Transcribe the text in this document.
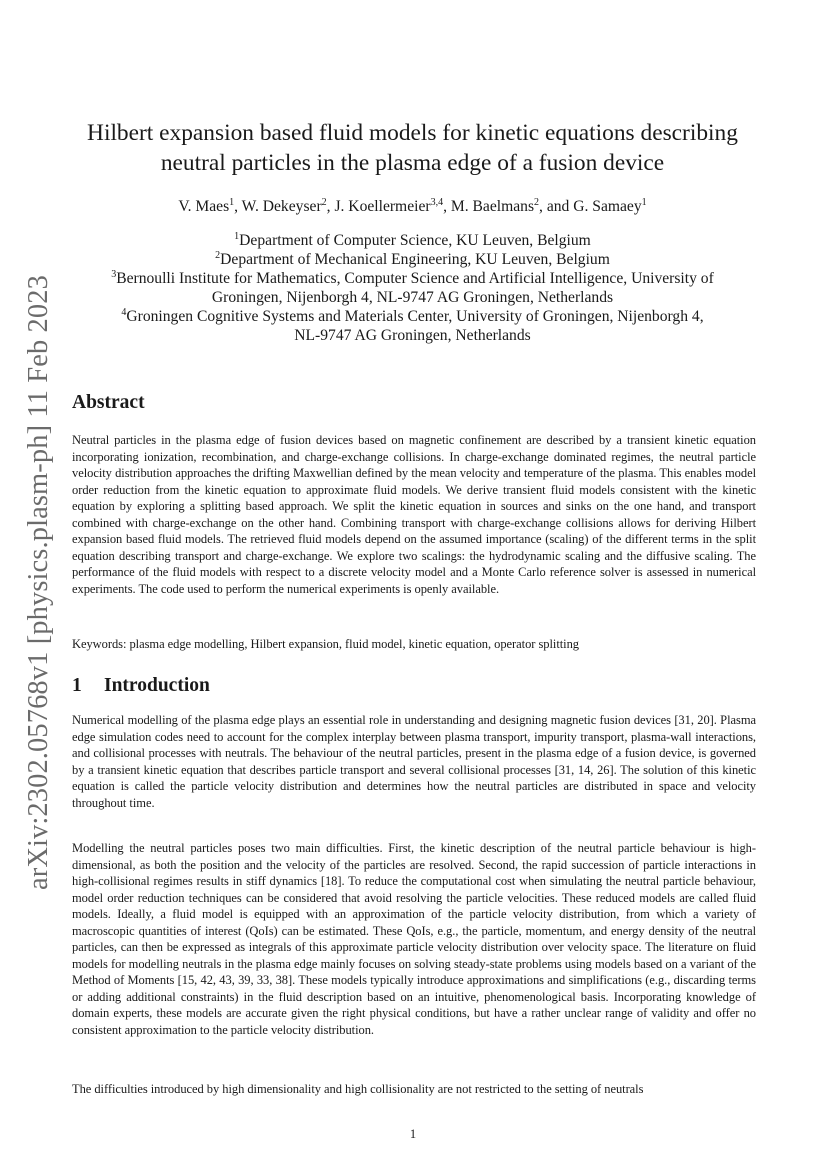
arXiv:2302.05768v1 [physics.plasm-ph] 11 Feb 2023
Hilbert expansion based fluid models for kinetic equations describing
neutral particles in the plasma edge of a fusion device
V. Maes$^1$, W. Dekeyser$^2$, J. Koellermeier$^{3,4}$, M. Baelmans$^2$, and G. Samaey$^1$
$^1$Department of Computer Science, KU Leuven, Belgium
$^2$Department of Mechanical Engineering, KU Leuven, Belgium
$^3$Bernoulli Institute for Mathematics, Computer Science and Artificial Intelligence, University of
Groningen, Nijenborgh 4, NL-9747 AG Groningen, Netherlands
$^4$Groningen Cognitive Systems and Materials Center, University of Groningen, Nijenborgh 4,
NL-9747 AG Groningen, Netherlands
Abstract

Neutral particles in the plasma edge of fusion devices based on magnetic confinement are described by a transient kinetic equation incorporating ionization, recombination, and charge-exchange collisions. In charge-exchange dominated regimes, the neutral particle velocity distribution approaches the drifting Maxwellian defined by the mean velocity and temperature of the plasma. This enables model order reduction from the kinetic equation to approximate fluid models. We derive transient fluid models consistent with the kinetic equation by exploring a splitting based approach. We split the kinetic equation in sources and sinks on the one hand, and transport combined with charge-exchange on the other hand. Combining transport with charge-exchange collisions allows for deriving Hilbert expansion based fluid models. The retrieved fluid models depend on the assumed importance (scaling) of the different terms in the split equation describing transport and charge-exchange. We explore two scalings: the hydrodynamic scaling and the diffusive scaling. The performance of the fluid models with respect to a discrete velocity model and a Monte Carlo reference solver is assessed in numerical experiments. The code used to perform the numerical experiments is openly available.

Keywords: plasma edge modelling, Hilbert expansion, fluid model, kinetic equation, operator splitting

1 Introduction

Numerical modelling of the plasma edge plays an essential role in understanding and designing magnetic fusion devices [31, 20]. Plasma edge simulation codes need to account for the complex interplay between plasma transport, impurity transport, plasma-wall interactions, and collisional processes with neutrals. The behaviour of the neutral particles, present in the plasma edge of a fusion device, is governed by a transient kinetic equation that describes particle transport and several collisional processes [31, 14, 26]. The solution of this kinetic equation is called the particle velocity distribution and determines how the neutral particles are distributed in space and velocity throughout time.

Modelling the neutral particles poses two main difficulties. First, the kinetic description of the neutral particle behaviour is high-dimensional, as both the position and the velocity of the particles are resolved. Second, the rapid succession of particle interactions in high-collisional regimes results in stiff dynamics [18]. To reduce the computational cost when simulating the neutral particle behaviour, model order reduction techniques can be considered that avoid resolving the particle velocities. These reduced models are called fluid models. Ideally, a fluid model is equipped with an approximation of the particle velocity distribution, from which a variety of macroscopic quantities of interest (QoIs) can be estimated. These QoIs, e.g., the particle, momentum, and energy density of the neutral particles, can then be expressed as integrals of this approximate particle velocity distribution over velocity space. The literature on fluid models for modelling neutrals in the plasma edge mainly focuses on solving steady-state problems using models based on a variant of the Method of Moments [15, 42, 43, 39, 33, 38]. These models typically introduce approximations and simplifications (e.g., discarding terms or adding additional constraints) in the fluid description based on an intuitive, phenomenological basis. Incorporating knowledge of domain experts, these models are accurate given the right physical conditions, but have a rather unclear range of validity and offer no consistent approximation to the particle velocity distribution.

The difficulties introduced by high dimensionality and high collisionality are not restricted to the setting of neutrals

1
